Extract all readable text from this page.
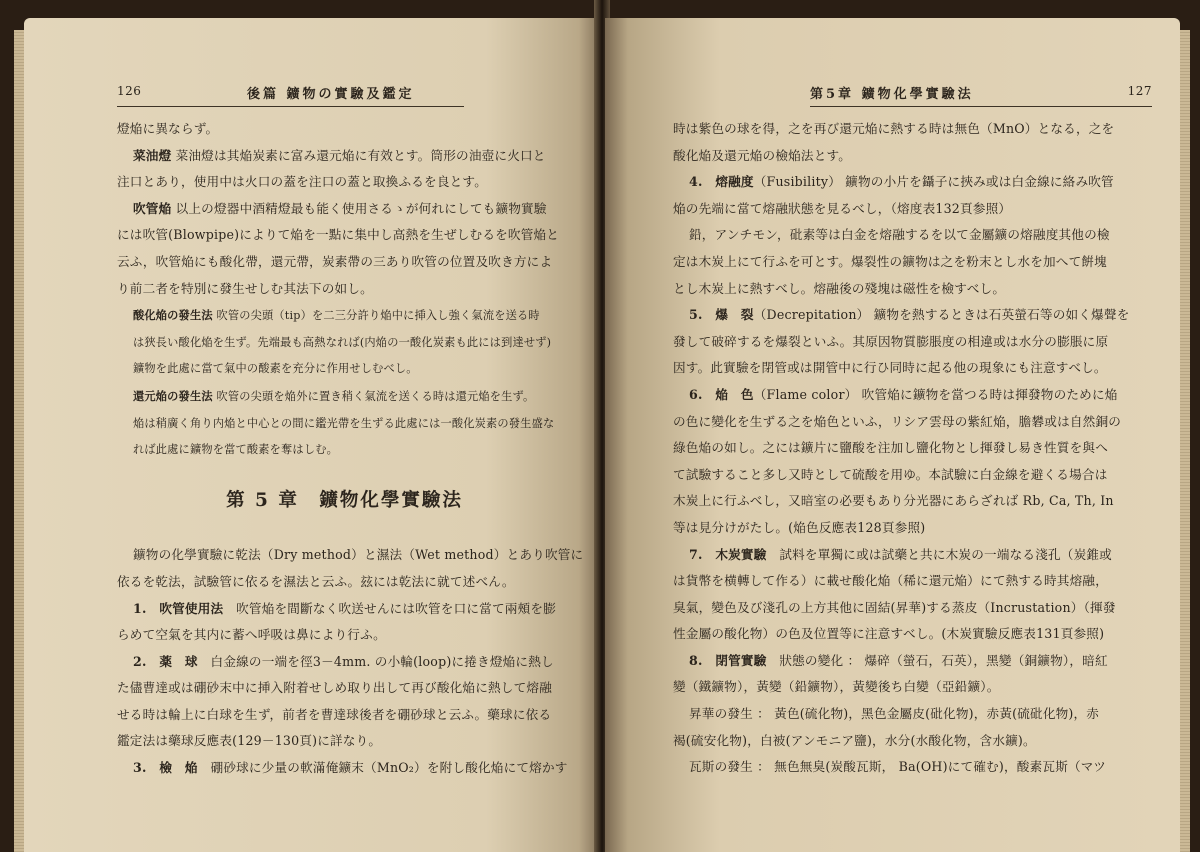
126	後篇 鑛物の實驗及鑑定

燈焔に異ならず。

菜油燈 菜油燈は其焔炭素に富み還元焔に有效とす。筒形の油壺に火口と

注口とあり，使用中は火口の蓋を注口の蓋と取換ふるを良とす。

吹管焔 以上の燈器中酒精燈最も能く使用さるゝが何れにしても鑛物實驗

には吹管(Blowpipe)によりて焔を一點に集中し高熱を生ぜしむるを吹管焔と

云ふ，吹管焔にも酸化帶，還元帶，炭素帶の三あり吹管の位置及吹き方によ

り前二者を特別に發生せしむ其法下の如し。

酸化焔の發生法 吹管の尖頭（tip）を二三分許り焔中に挿入し強く氣流を送る時

は狹長い酸化焔を生ず。先端最も高熱なれば(内焔の一酸化炭素も此には到達せず)

鑛物を此處に當て氣中の酸素を充分に作用せしむべし。

還元焔の發生法 吹管の尖頭を焔外に置き稍く氣流を送くる時は還元焔を生ず。

焔は稍廣く角り内焔と中心との間に鑑光帶を生ずる此處には一酸化炭素の發生盛な

れば此處に鑛物を當て酸素を奪はしむ。

第 5 章　鑛物化學實驗法

鑛物の化學實驗に乾法（Dry method）と濕法（Wet method）とあり吹管に

依るを乾法，試驗管に依るを濕法と云ふ。玆には乾法に就て述べん。

1.　吹管使用法　吹管焔を間斷なく吹送せんには吹管を口に當て兩頰を膨

らめて空氣を其内に蓄へ呼吸は鼻により行ふ。

2.　薬　球　白金線の一端を徑3－4mm. の小輪(loop)に捲き燈焔に熱し

た儘曹達或は硼砂末中に挿入附着せしめ取り出して再び酸化焔に熱して熔融

せる時は輪上に白球を生ず，前者を曹達球後者を硼砂球と云ふ。藥球に依る

鑑定法は藥球反應表(129－130頁)に詳なり。

3.　檢　焔　硼砂球に少量の軟滿俺鑛末（MnO₂）を附し酸化焔にて熔かす

第5章 鑛物化學實驗法	127

時は紫色の球を得，之を再び還元焔に熱する時は無色（MnO）となる，之を

酸化焔及還元焔の檢焔法とす。

4.　熔融度（Fusibility） 鑛物の小片を鑷子に挾み或は白金線に絡み吹管

焔の先端に當て熔融狀態を見るべし，（熔度表132頁参照）

鉛，アンチモン，砒素等は白金を熔融するを以て金屬鑛の熔融度其他の檢

定は木炭上にて行ふを可とす。爆裂性の鑛物は之を粉末とし水を加へて餠塊

とし木炭上に熱すべし。熔融後の殘塊は磁性を檢すべし。

5.　爆　裂（Decrepitation） 鑛物を熱するときは石英螢石等の如く爆聲を

發して破碎するを爆裂といふ。其原因物質膨脹度の相違或は水分の膨脹に原

因す。此實驗を閉管或は開管中に行ひ同時に起る他の現象にも注意すべし。

6.　焔　色（Flame color） 吹管焔に鑛物を當つる時は揮發物のために焔

の色に變化を生ずる之を焔色といふ，リシア雲母の紫紅焔，膽礬或は自然銅の

綠色焔の如し。之には鑛片に鹽酸を注加し鹽化物とし揮發し易き性質を與へ

て試驗すること多し又時として硫酸を用ゆ。本試驗に白金線を避くる場合は

木炭上に行ふべし，又暗室の必要もあり分光器にあらざれば Rb, Ca, Th, In

等は見分けがたし。(焔色反應表128頁参照)

7.　木炭實驗　試料を單獨に或は試藥と共に木炭の一端なる淺孔（炭錐或

は貨幣を横轉して作る）に載せ酸化焔（稀に還元焔）にて熱する時其熔融，

臭氣，變色及び淺孔の上方其他に固結(昇華)する蒸皮（Incrustation）（揮發

性金屬の酸化物）の色及位置等に注意すべし。(木炭實驗反應表131頁参照)

8.　閉管實驗　狀態の變化 ： 爆碎（螢石，石英），黑變（銅鑛物），暗紅

變（鐵鑛物），黃變（鉛鑛物），黃變後ち白變（亞鉛鑛）。

昇華の發生 ： 黃色(硫化物)，黑色金屬皮(砒化物)，赤黃(硫砒化物)，赤

褐(硫安化物)，白被(アンモニア鹽)，水分(水酸化物，含水鑛)。

瓦斯の發生 ： 無色無臭(炭酸瓦斯， Ba(OH)にて確む)，酸素瓦斯（マツ
